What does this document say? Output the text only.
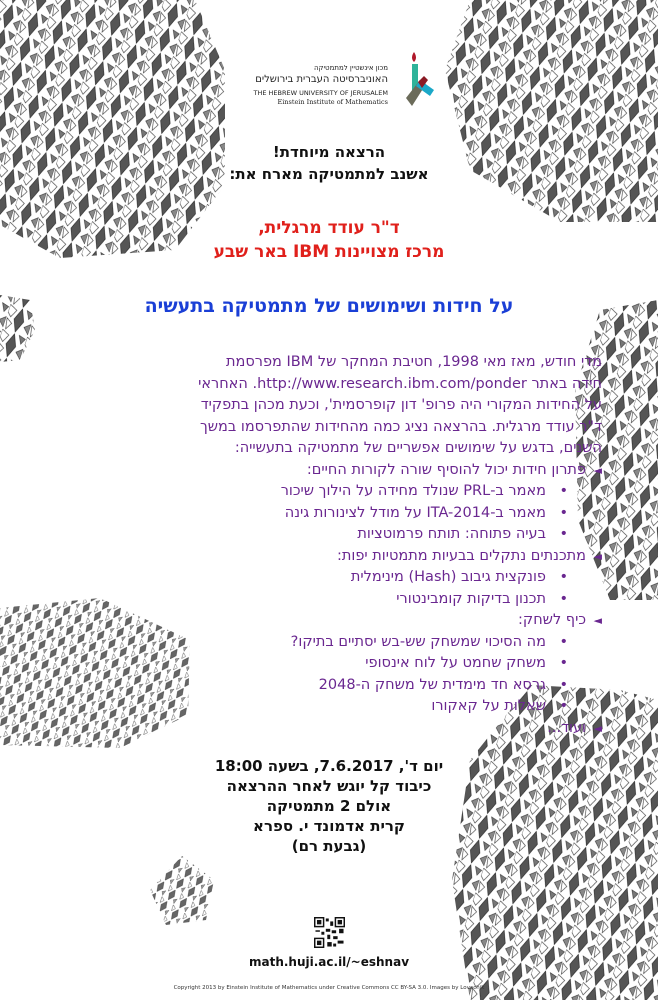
מכון אינשטיין למתמטיקה
האוניברסיטה העברית בירושלים
THE HEBREW UNIVERSITY OF JERUSALEM
Einstein Institute of Mathematics
הרצאה מיוחדת!
אשנב למתמטיקה מארח את:
ד"ר עודד מרגלית,
מרכז מצויינות IBM באר שבע
על חידות ושימושים של מתמטיקה בתעשיה

מדי חודש, מאז מאי 1998, חטיבת המחקר של IBM מפרסמת

חידה באתר http://www.research.ibm.com/ponder. האחראי

על החידות המקורי היה פרופ' דון קופרסמית', וכעת מכהן בתפקיד

ד"ר עודד מרגלית. בהרצאה נציג כמה מהחידות שהתפרסמו במשך

השנים, בדגש על שימושים אפשריים של מתמטיקה בתעשייה:

◄פתרון חידות יכול להוסיף שורה לקורות החיים:

•מאמר ב-PRL שנולד מחידה על הילוך שיכור

•מאמר ב-ITA-2014 על מודל לצינורות גינה

•בעיה פתוחה: תותח פרמוטציות

◄מתכנתים נתקלים בבעיות מתמטיות יפות:

•פונקצית גיבוב (Hash) מינימלית

•תכנון בדיקות קומבינטורי

◄כיף לשחק:

•מה הסיכוי שמשחק שש-בש יסתיים בתיקו?

•משחק שחמט על לוח אינסופי

•גרסא חד מימדית של משחק ה-2048

•שאלות על קאקורו

◄ועוד...

יום ד', 7.6.2017, בשעה 18:00
כיבוד קל יוגש לאחר ההרצאה
אולם 2 מתמטיקה
קרית אדמונד י. ספרא
(גבעת רם)
math.huji.ac.il/~eshnav
Copyright 2013 by Einstein Institute of Mathematics under Creative Commons CC BY-SA 3.0. Images by Lovachik
